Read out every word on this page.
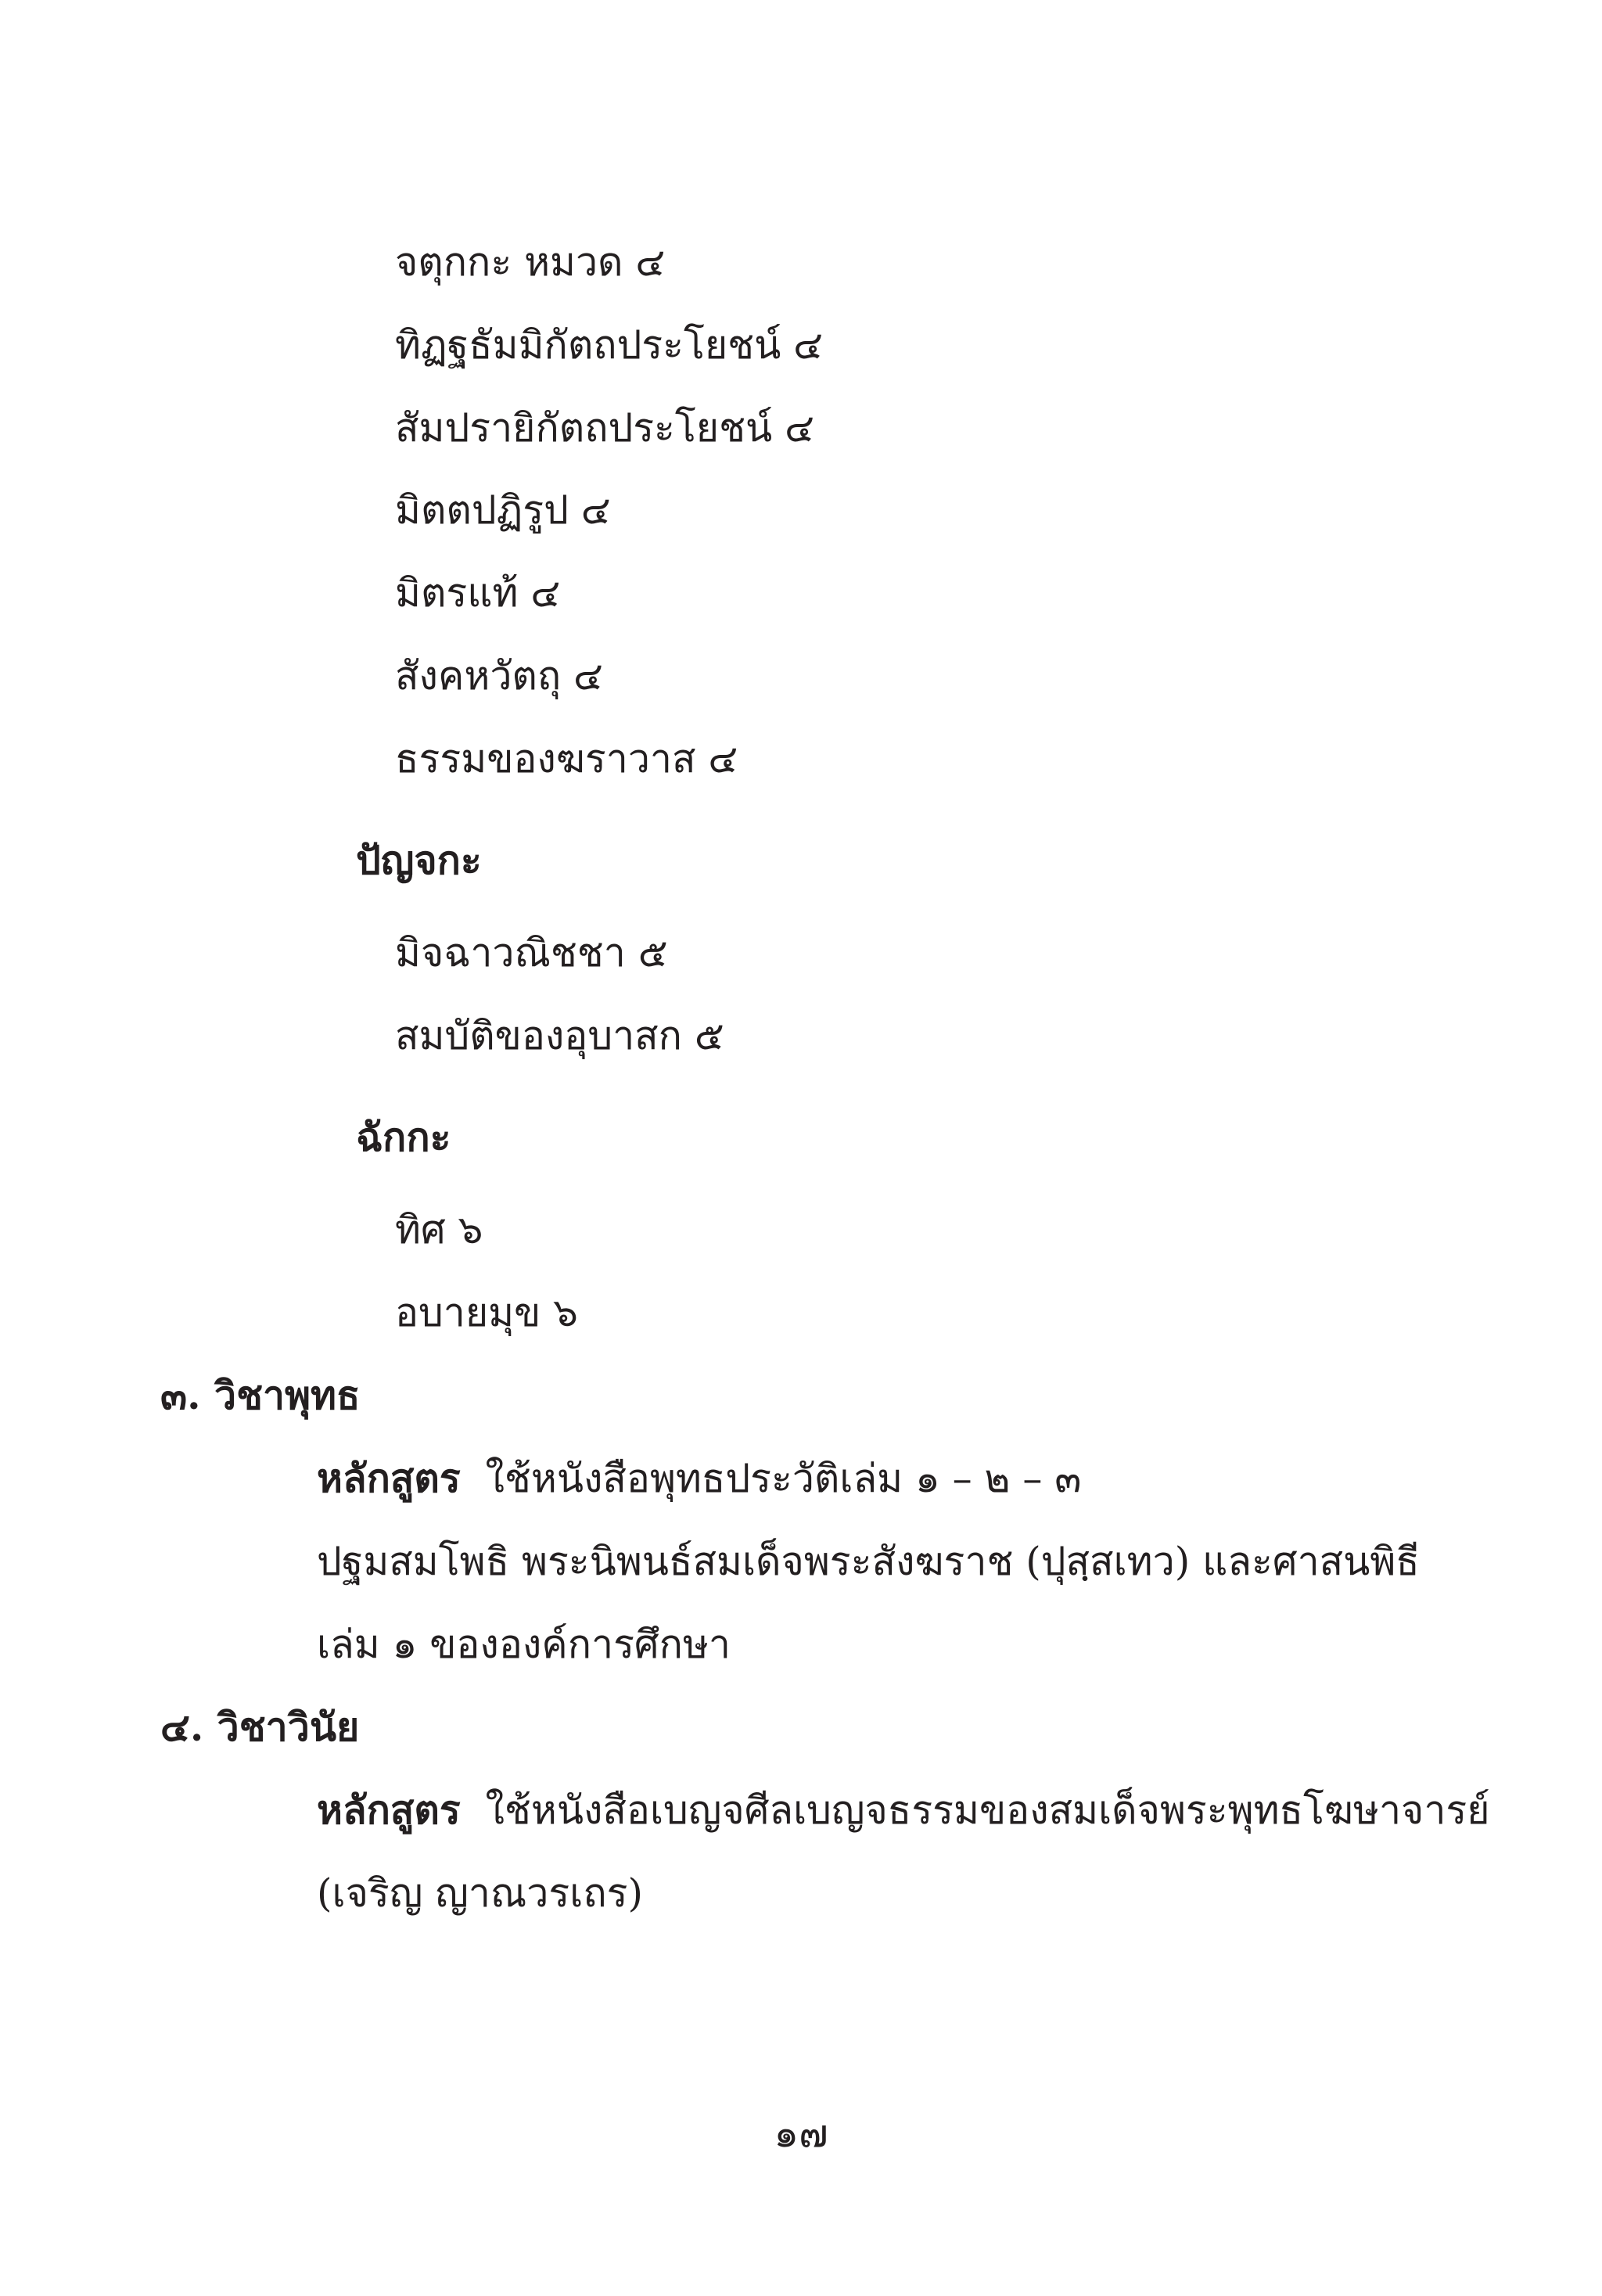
จตุกกะ หมวด ๔
ทิฏฐธัมมิกัตถประโยชน์ ๔
สัมปรายิกัตถประโยชน์ ๔
มิตตปฏิรูป ๔
มิตรแท้ ๔
สังคหวัตถุ ๔
ธรรมของฆราวาส ๔
ปัญจกะ
มิจฉาวณิชชา ๕
สมบัติของอุบาสก ๕
ฉักกะ
ทิศ ๖
อบายมุข ๖
๓. วิชาพุทธ
หลักสูตร ใช้หนังสือพุทธประวัติเล่ม ๑ – ๒ – ๓
ปฐมสมโพธิ พระนิพนธ์สมเด็จพระสังฆราช (ปุสฺสเทว) และศาสนพิธี
เล่ม ๑ ขององค์การศึกษา
๔. วิชาวินัย
หลักสูตร ใช้หนังสือเบญจศีลเบญจธรรมของสมเด็จพระพุทธโฆษาจารย์
(เจริญ ญาณวรเถร)
๑๗
